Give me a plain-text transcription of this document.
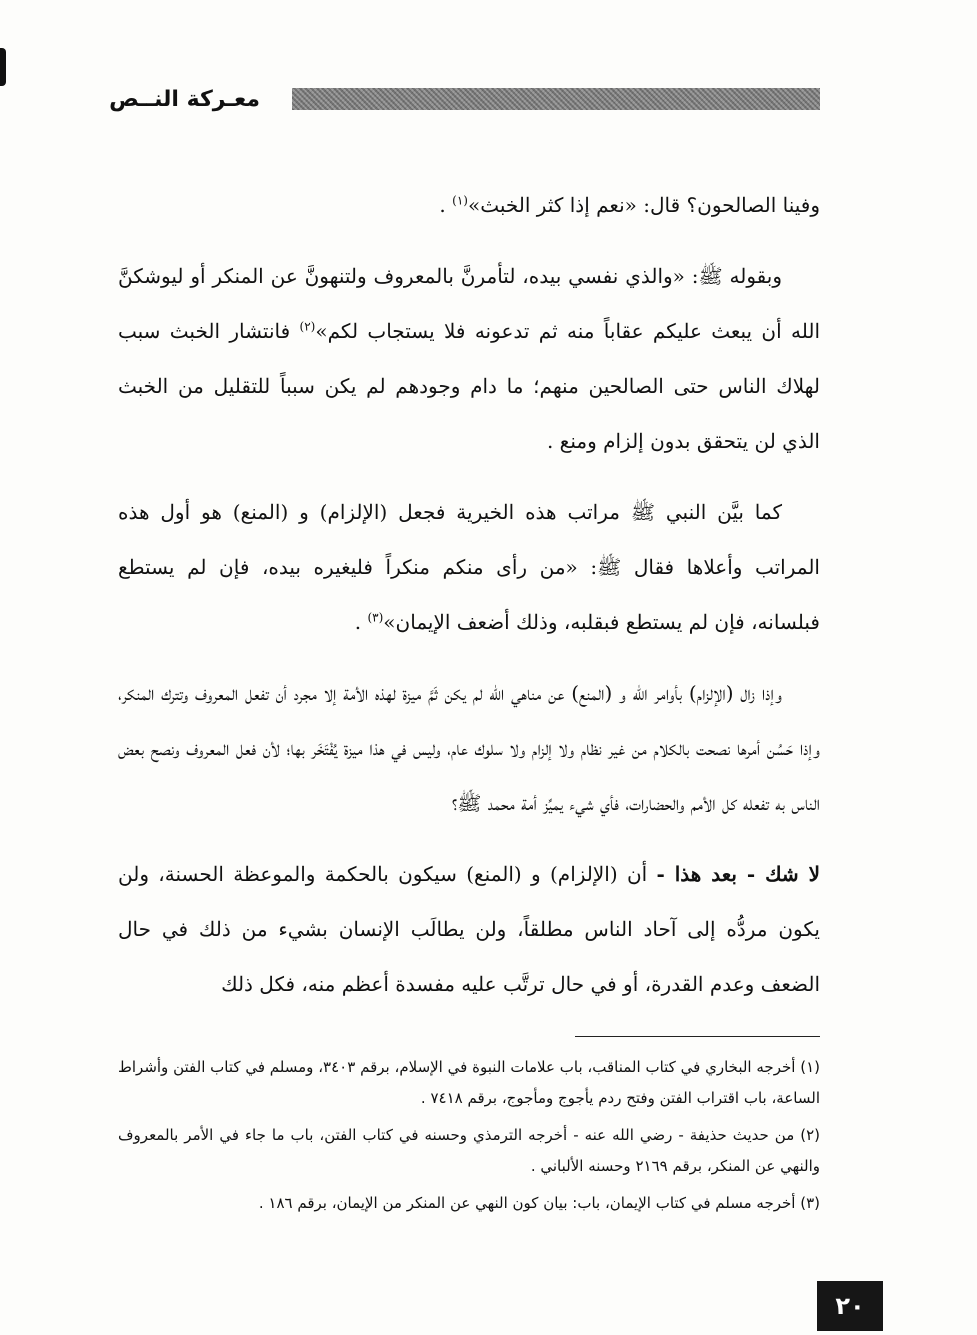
معـركة النــص

وفينا الصالحون؟ قال: «نعم إذا كثر الخبث»$^{(١)}$ .

وبقوله ﷺ: «والذي نفسي بيده، لتأمرنَّ بالمعروف ولتنهونَّ عن المنكر أو ليوشكنَّ الله أن يبعث عليكم عقاباً منه ثم تدعونه فلا يستجاب لكم»$^{(٢)}$ فانتشار الخبث سبب لهلاك الناس حتى الصالحين منهم؛ ما دام وجودهم لم يكن سبباً للتقليل من الخبث الذي لن يتحقق بدون إلزام ومنع .

كما بيَّن النبي ﷺ مراتب هذه الخيرية فجعل (الإلزام) و (المنع) هو أول هذه المراتب وأعلاها فقال ﷺ: «من رأى منكم منكراً فليغيره بيده، فإن لم يستطع فبلسانه، فإن لم يستطع فبقلبه، وذلك أضعف الإيمان»$^{(٣)}$ .

وإذا زال (الإلزام) بأوامر الله و (المنع) عن مناهي الله لم يكن ثَمَّ ميزة لهذه الأمة إلا مجرد أن تفعل المعروف وتترك المنكر، وإذا حَسُن أمرها نصحت بالكلام من غير نظام ولا إلزام ولا سلوك عام، وليس في هذا ميزة يُفْتَخَر بها؛ لأن فعل المعروف ونصح بعض الناس به تفعله كل الأمم والحضارات، فأي شيء يميِّز أمة محمد ﷺ؟

لا شك - بعد هذا - أن (الإلزام) و (المنع) سيكون بالحكمة والموعظة الحسنة، ولن يكون مردُّه إلى آحاد الناس مطلقاً، ولن يطالَب الإنسان بشيء من ذلك في حال الضعف وعدم القدرة، أو في حال ترتَّب عليه مفسدة أعظم منه، فكل ذلك

(١) أخرجه البخاري في كتاب المناقب، باب علامات النبوة في الإسلام، برقم ٣٤٠٣، ومسلم في كتاب الفتن وأشراط الساعة، باب اقتراب الفتن وفتح ردم يأجوج ومأجوج، برقم ٧٤١٨ .

(٢) من حديث حذيفة - رضي الله عنه - أخرجه الترمذي وحسنه في كتاب الفتن، باب ما جاء في الأمر بالمعروف والنهي عن المنكر، برقم ٢١٦٩ وحسنه الألباني .

(٣) أخرجه مسلم في كتاب الإيمان، باب: بيان كون النهي عن المنكر من الإيمان، برقم ١٨٦ .

٢٠
